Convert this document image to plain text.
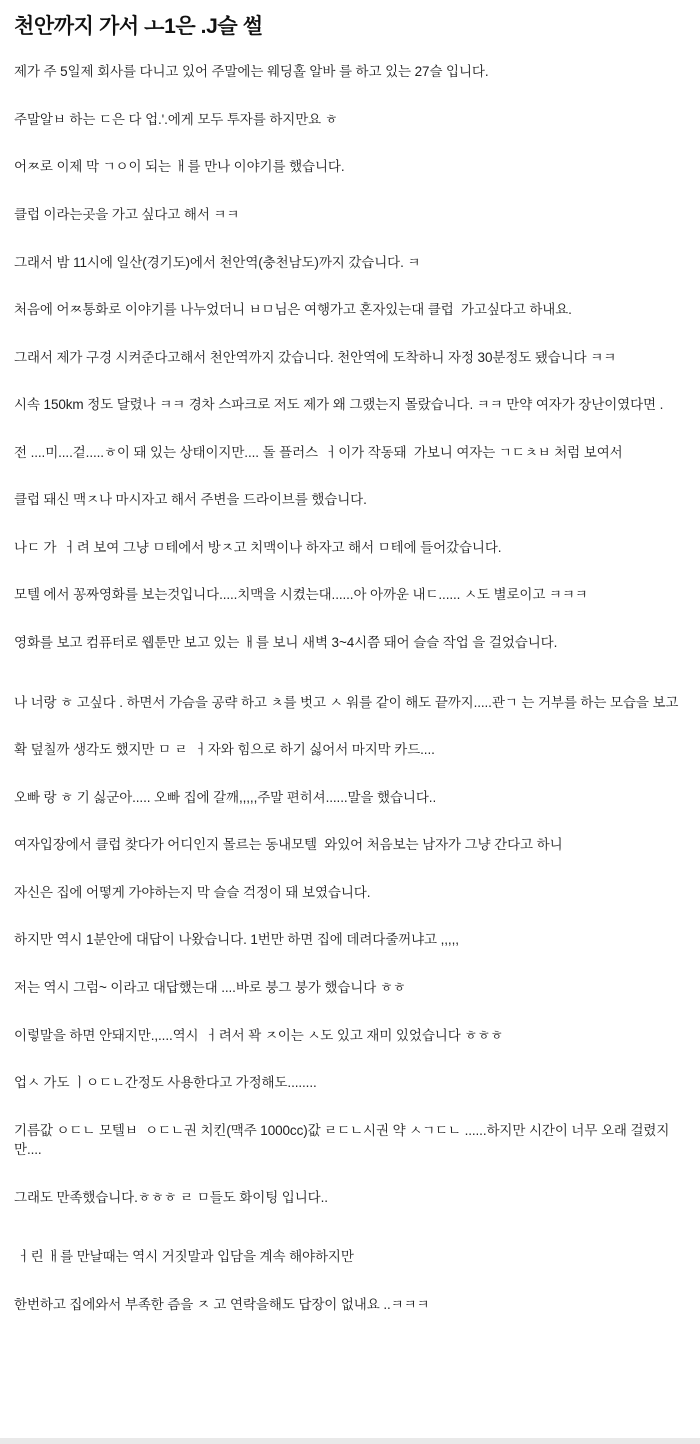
천안까지 가서 ㅗ1은 .J슬 썰

제가 주 5일제 회사를 다니고 있어 주말에는 웨딩홀 알바 를 하고 있는 27슬 입니다.

주말알ㅂ 하는 ㄷ은 다 업.'.에게 모두 투자를 하지만요 ㅎ

어ㅉ로 이제 막 ㄱㅇ이 되는 ㅐ를 만나 이야기를 했습니다.

클럽 이라는곳을 가고 싶다고 해서 ㅋㅋ

그래서 밤 11시에 일산(경기도)에서 천안역(충천남도)까지 갔습니다. ㅋ

처음에 어ㅉ통화로 이야기를 나누었더니 ㅂㅁ님은 여행가고 혼자있는대 클럽  가고싶다고 하내요.

그래서 제가 구경 시켜준다고해서 천안역까지 갔습니다. 천안역에 도착하니 자정 30분정도 됐습니다 ㅋㅋ

시속 150km 정도 달렸나 ㅋㅋ 경차 스파크로 저도 제가 왜 그랬는지 몰랐습니다. ㅋㅋ 만약 여자가 장난이였다면 .

전 ....미....겉.....ㅎ이 돼 있는 상태이지만.... 돌 플러스  ㅓ이가 작동돼  가보니 여자는 ㄱㄷㅊㅂ 처럼 보여서

클럽 돼신 맥ㅈ나 마시자고 해서 주변을 드라이브를 했습니다.

나ㄷ 가  ㅓ려 보여 그냥 ㅁ테에서 방ㅈ고 치맥이나 하자고 해서 ㅁ테에 들어갔습니다.

모텔 에서 꽁짜영화를 보는것입니다.....치맥을 시켰는대......아 아까운 내ㄷ...... ㅅ도 별로이고 ㅋㅋㅋ

영화를 보고 컴퓨터로 웹툰만 보고 있는 ㅐ를 보니 새벽 3~4시쯤 돼어 슬슬 작업 을 걸었습니다.

나 너랑 ㅎ 고싶다 . 하면서 가슴을 공략 하고 ㅊ를 벗고 ㅅ 워를 같이 해도 끝까지.....관ㄱ 는 거부를 하는 모습을 보고

확 덮칠까 생각도 했지만 ㅁ ㄹ  ㅓ자와 힘으로 하기 싫어서 마지막 카드....

오빠 랑 ㅎ 기 싫군아..... 오빠 집에 갈깨,,,,,주말 편히셔......말을 했습니다..

여자입장에서 클럽 찾다가 어디인지 몰르는 동내모텔  와있어 처음보는 남자가 그냥 간다고 하니

자신은 집에 어떻게 가야하는지 막 슬슬 걱정이 돼 보였습니다.

하지만 역시 1분안에 대답이 나왔습니다. 1번만 하면 집에 데려다줄꺼냐고 ,,,,,

저는 역시 그럼~ 이라고 대답했는대 ....바로 붕그 붕가 했습니다 ㅎㅎ

이렇말을 하면 안돼지만.,....역시  ㅓ려서 꽉 ㅈ이는 ㅅ도 있고 재미 있었습니다 ㅎㅎㅎ

업ㅅ 가도 ㅣㅇㄷㄴ간정도 사용한다고 가정해도........

기름값 ㅇㄷㄴ 모텔ㅂ  ㅇㄷㄴ권 치킨(맥주 1000cc)값 ㄹㄷㄴ시권 약 ㅅㄱㄷㄴ ......하지만 시간이 너무 오래 걸렸지만....

그래도 만족했습니다.ㅎㅎㅎ ㄹ ㅁ들도 화이팅 입니다..

ㅓ린 ㅐ를 만날때는 역시 거짓말과 입담을 계속 해야하지만

한번하고 집에와서 부족한 즘을 ㅈ 고 연락을해도 답장이 없내요 ..ㅋㅋㅋ
